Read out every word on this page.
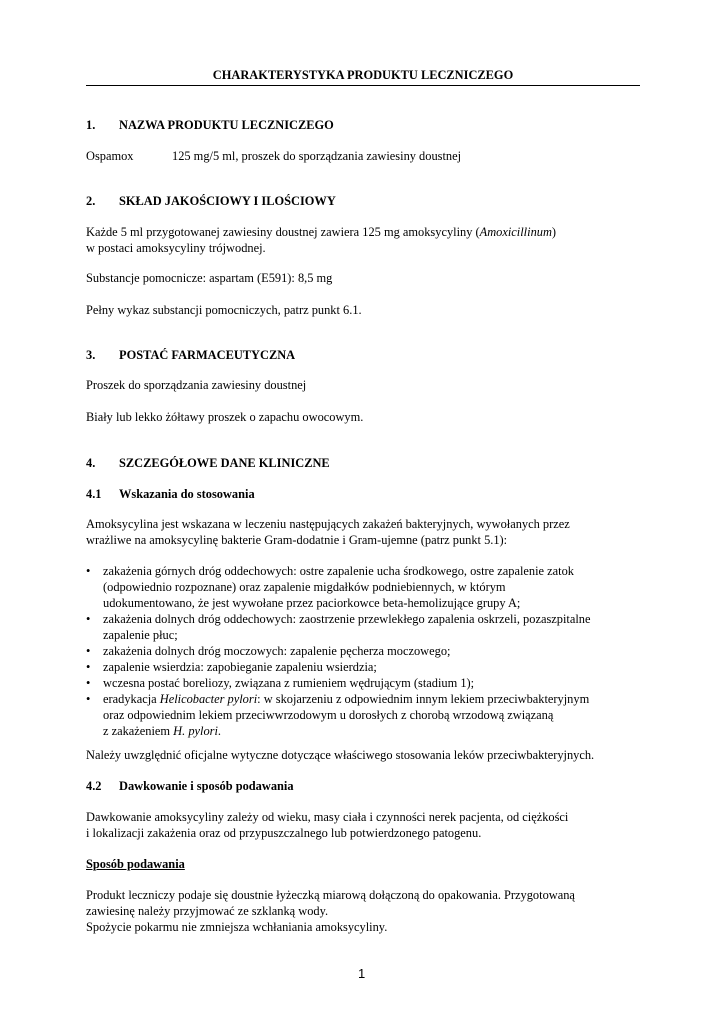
CHARAKTERYSTYKA PRODUKTU LECZNICZEGO
1. NAZWA PRODUKTU LECZNICZEGO
Ospamox	125 mg/5 ml, proszek do sporządzania zawiesiny doustnej
2. SKŁAD JAKOŚCIOWY I ILOŚCIOWY
Każde 5 ml przygotowanej zawiesiny doustnej zawiera 125 mg amoksycyliny (Amoxicillinum)
w postaci amoksycyliny trójwodnej.
Substancje pomocnicze: aspartam (E591): 8,5 mg
Pełny wykaz substancji pomocniczych, patrz punkt 6.1.
3. POSTAĆ FARMACEUTYCZNA
Proszek do sporządzania zawiesiny doustnej
Biały lub lekko żółtawy proszek o zapachu owocowym.
4. SZCZEGÓŁOWE DANE KLINICZNE
4.1 Wskazania do stosowania
Amoksycylina jest wskazana w leczeniu następujących zakażeń bakteryjnych, wywołanych przez
wrażliwe na amoksycylinę bakterie Gram-dodatnie i Gram-ujemne (patrz punkt 5.1):
• zakażenia górnych dróg oddechowych: ostre zapalenie ucha środkowego, ostre zapalenie zatok
(odpowiednio rozpoznane) oraz zapalenie migdałków podniebiennych, w którym
udokumentowano, że jest wywołane przez paciorkowce beta-hemolizujące grupy A;
• zakażenia dolnych dróg oddechowych: zaostrzenie przewlekłego zapalenia oskrzeli, pozaszpitalne
zapalenie płuc;
• zakażenia dolnych dróg moczowych: zapalenie pęcherza moczowego;
• zapalenie wsierdzia: zapobieganie zapaleniu wsierdzia;
• wczesna postać boreliozy, związana z rumieniem wędrującym (stadium 1);
• eradykacja Helicobacter pylori: w skojarzeniu z odpowiednim innym lekiem przeciwbakteryjnym
oraz odpowiednim lekiem przeciwwrzodowym u dorosłych z chorobą wrzodową związaną
z zakażeniem H. pylori.
Należy uwzględnić oficjalne wytyczne dotyczące właściwego stosowania leków przeciwbakteryjnych.
4.2 Dawkowanie i sposób podawania
Dawkowanie amoksycyliny zależy od wieku, masy ciała i czynności nerek pacjenta, od ciężkości
i lokalizacji zakażenia oraz od przypuszczalnego lub potwierdzonego patogenu.
Sposób podawania
Produkt leczniczy podaje się doustnie łyżeczką miarową dołączoną do opakowania. Przygotowaną
zawiesinę należy przyjmować ze szklanką wody.
Spożycie pokarmu nie zmniejsza wchłaniania amoksycyliny.
1
